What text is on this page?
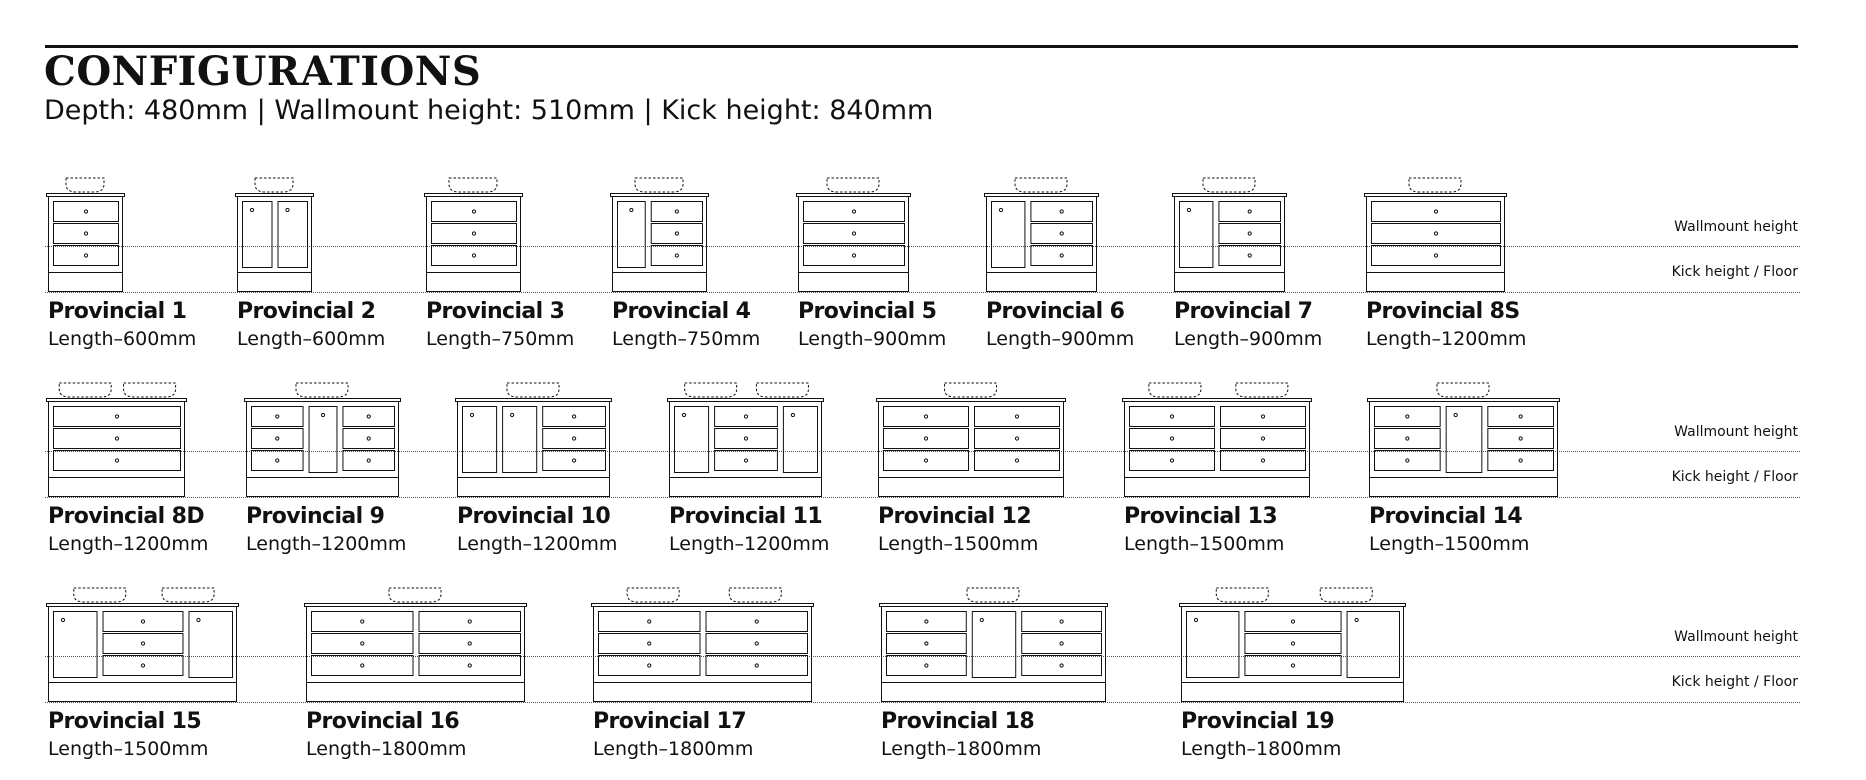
CONFIGURATIONS
Depth: 480mm | Wallmount height: 510mm | Kick height: 840mm
Wallmount height
Kick height / Floor
Provincial 1
Length–600mm
Provincial 2
Length–600mm
Provincial 3
Length–750mm
Provincial 4
Length–750mm
Provincial 5
Length–900mm
Provincial 6
Length–900mm
Provincial 7
Length–900mm
Provincial 8S
Length–1200mm
Wallmount height
Kick height / Floor
Provincial 8D
Length–1200mm
Provincial 9
Length–1200mm
Provincial 10
Length–1200mm
Provincial 11
Length–1200mm
Provincial 12
Length–1500mm
Provincial 13
Length–1500mm
Provincial 14
Length–1500mm
Wallmount height
Kick height / Floor
Provincial 15
Length–1500mm
Provincial 16
Length–1800mm
Provincial 17
Length–1800mm
Provincial 18
Length–1800mm
Provincial 19
Length–1800mm
